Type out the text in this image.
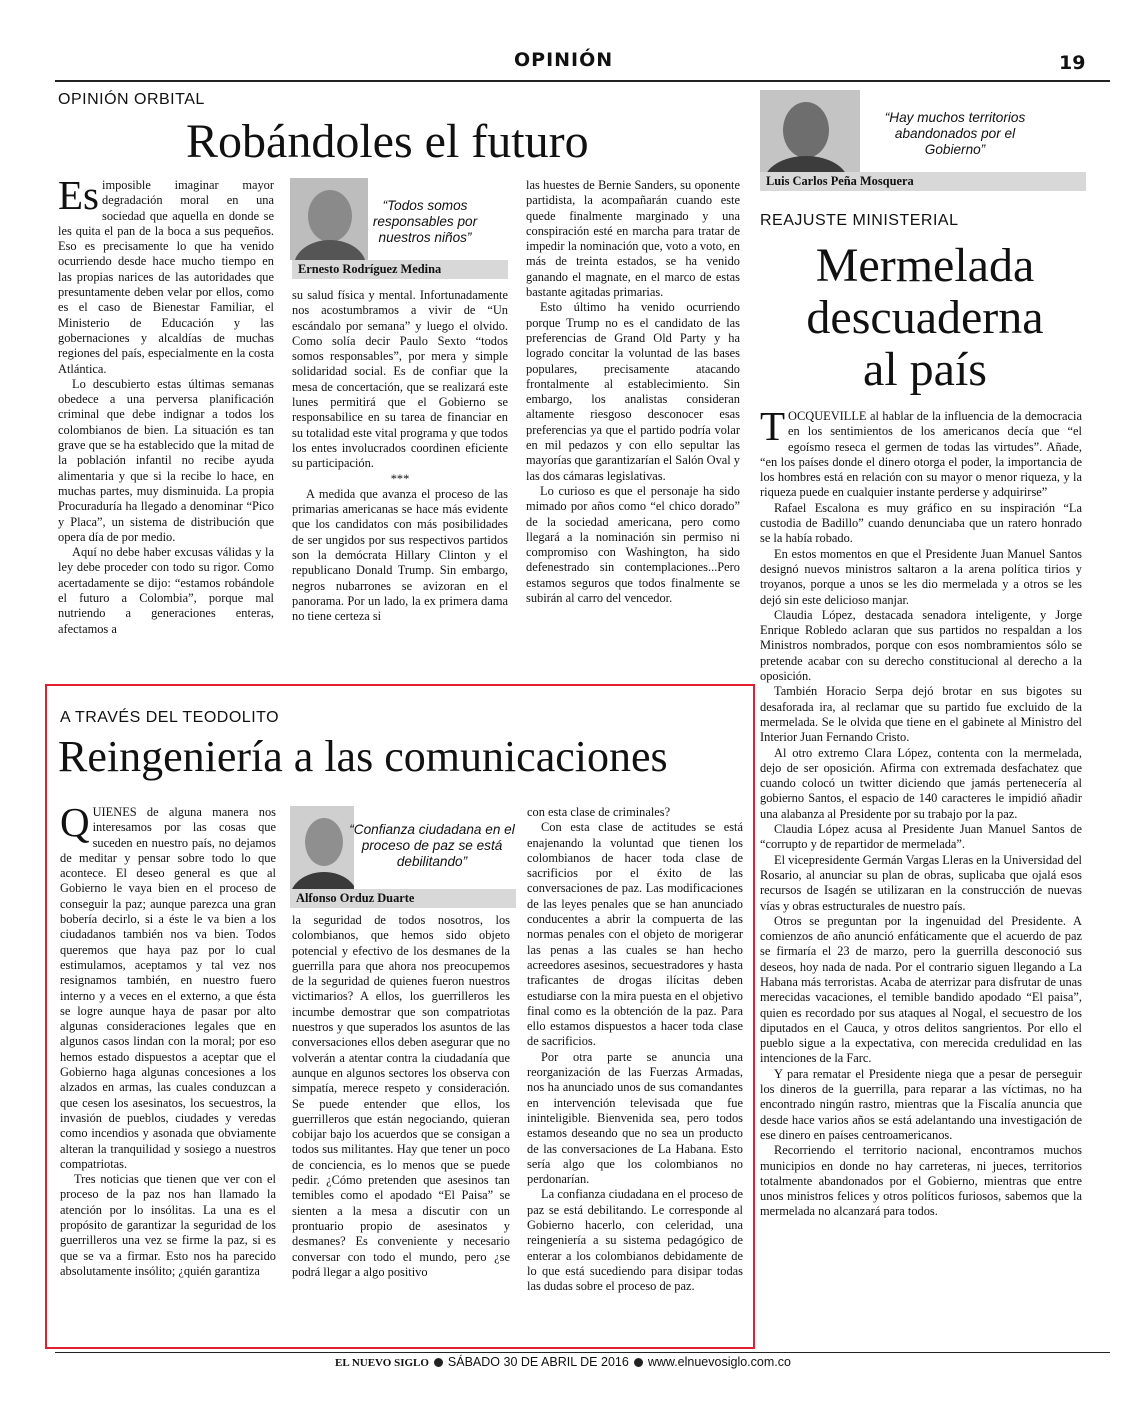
OPINIÓN	19
OPINIÓN ORBITAL
Robándoles el futuro

Es imposible imaginar mayor degradación moral en una sociedad que aquella en donde se les quita el pan de la boca a sus pequeños. Eso es precisamente lo que ha venido ocurriendo desde hace mucho tiempo en las propias narices de las autoridades que presuntamente deben velar por ellos, como es el caso de Bienestar Familiar, el Ministerio de Educación y las gobernaciones y alcaldías de muchas regiones del país, especialmente en la costa Atlántica.

Lo descubierto estas últimas semanas obedece a una perversa planificación criminal que debe indignar a todos los colombianos de bien. La situación es tan grave que se ha establecido que la mitad de la población infantil no recibe ayuda alimentaria y que si la recibe lo hace, en muchas partes, muy disminuida. La propia Procuraduría ha llegado a denominar “Pico y Placa”, un sistema de distribución que opera día de por medio.

Aquí no debe haber excusas válidas y la ley debe proceder con todo su rigor. Como acertadamente se dijo: “estamos robándole el futuro a Colombia”, porque mal nutriendo a generaciones enteras, afectamos a

“Todos somos responsables por nuestros niños”
Ernesto Rodríguez Medina

su salud física y mental. Infortunadamente nos acostumbramos a vivir de “Un escándalo por semana” y luego el olvido. Como solía decir Paulo Sexto “todos somos responsables”, por mera y simple solidaridad social. Es de confiar que la mesa de concertación, que se realizará este lunes permitirá que el Gobierno se responsabilice en su tarea de financiar en su totalidad este vital programa y que todos los entes involucrados coordinen eficiente su participación.

***

A medida que avanza el proceso de las primarias americanas se hace más evidente que los candidatos con más posibilidades de ser ungidos por sus respectivos partidos son la demócrata Hillary Clinton y el republicano Donald Trump. Sin embargo, negros nubarrones se avizoran en el panorama. Por un lado, la ex primera dama no tiene certeza si

las huestes de Bernie Sanders, su oponente partidista, la acompañarán cuando este quede finalmente marginado y una conspiración esté en marcha para tratar de impedir la nominación que, voto a voto, en más de treinta estados, se ha venido ganando el magnate, en el marco de estas bastante agitadas primarias.

Esto último ha venido ocurriendo porque Trump no es el candidato de las preferencias de Grand Old Party y ha logrado concitar la voluntad de las bases populares, precisamente atacando frontalmente al establecimiento. Sin embargo, los analistas consideran altamente riesgoso desconocer esas preferencias ya que el partido podría volar en mil pedazos y con ello sepultar las mayorías que garantizarían el Salón Oval y las dos cámaras legislativas.

Lo curioso es que el personaje ha sido mimado por años como “el chico dorado” de la sociedad americana, pero como llegará a la nominación sin permiso ni compromiso con Washington, ha sido defenestrado sin contemplaciones...Pero estamos seguros que todos finalmente se subirán al carro del vencedor.

“Hay muchos territorios abandonados por el Gobierno”
Luis Carlos Peña Mosquera
REAJUSTE MINISTERIAL
Mermelada
descuaderna
al país

TOCQUEVILLE al hablar de la influencia de la democracia en los sentimientos de los americanos decía que “el egoísmo reseca el germen de todas las virtudes”. Añade, “en los países donde el dinero otorga el poder, la importancia de los hombres está en relación con su mayor o menor riqueza, y la riqueza puede en cualquier instante perderse y adquirirse”

Rafael Escalona es muy gráfico en su inspiración “La custodia de Badillo” cuando denunciaba que un ratero honrado se la había robado.

En estos momentos en que el Presidente Juan Manuel Santos designó nuevos ministros saltaron a la arena política tirios y troyanos, porque a unos se les dio mermelada y a otros se les dejó sin este delicioso manjar.

Claudia López, destacada senadora inteligente, y Jorge Enrique Robledo aclaran que sus partidos no respaldan a los Ministros nombrados, porque con esos nombramientos sólo se pretende acabar con su derecho constitucional al derecho a la oposición.

También Horacio Serpa dejó brotar en sus bigotes su desaforada ira, al reclamar que su partido fue excluido de la mermelada. Se le olvida que tiene en el gabinete al Ministro del Interior Juan Fernando Cristo.

Al otro extremo Clara López, contenta con la mermelada, dejo de ser oposición. Afirma con extremada desfachatez que cuando colocó un twitter diciendo que jamás pertenecería al gobierno Santos, el espacio de 140 caracteres le impidió añadir una alabanza al Presidente por su trabajo por la paz.

Claudia López acusa al Presidente Juan Manuel Santos de “corrupto y de repartidor de mermelada”.

El vicepresidente Germán Vargas Lleras en la Universidad del Rosario, al anunciar su plan de obras, suplicaba que ojalá esos recursos de Isagén se utilizaran en la construcción de nuevas vías y obras estructurales de nuestro país.

Otros se preguntan por la ingenuidad del Presidente. A comienzos de año anunció enfáticamente que el acuerdo de paz se firmaría el 23 de marzo, pero la guerrilla desconoció sus deseos, hoy nada de nada. Por el contrario siguen llegando a La Habana más terroristas. Acaba de aterrizar para disfrutar de unas merecidas vacaciones, el temible bandido apodado “El paisa”, quien es recordado por sus ataques al Nogal, el secuestro de los diputados en el Cauca, y otros delitos sangrientos. Por ello el pueblo sigue a la expectativa, con merecida credulidad en las intenciones de la Farc.

Y para rematar el Presidente niega que a pesar de perseguir los dineros de la guerrilla, para reparar a las víctimas, no ha encontrado ningún rastro, mientras que la Fiscalía anuncia que desde hace varios años se está adelantando una investigación de ese dinero en países centroamericanos.

Recorriendo el territorio nacional, encontramos muchos municipios en donde no hay carreteras, ni jueces, territorios totalmente abandonados por el Gobierno, mientras que entre unos ministros felices y otros políticos furiosos, sabemos que la mermelada no alcanzará para todos.

A TRAVÉS DEL TEODOLITO
Reingeniería a las comunicaciones

QUIENES de alguna manera nos interesamos por las cosas que suceden en nuestro país, no dejamos de meditar y pensar sobre todo lo que acontece. El deseo general es que al Gobierno le vaya bien en el proceso de conseguir la paz; aunque parezca una gran bobería decirlo, si a éste le va bien a los ciudadanos también nos va bien. Todos queremos que haya paz por lo cual estimulamos, aceptamos y tal vez nos resignamos también, en nuestro fuero interno y a veces en el externo, a que ésta se logre aunque haya de pasar por alto algunas consideraciones legales que en algunos casos lindan con la moral; por eso hemos estado dispuestos a aceptar que el Gobierno haga algunas concesiones a los alzados en armas, las cuales conduzcan a que cesen los asesinatos, los secuestros, la invasión de pueblos, ciudades y veredas como incendios y asonada que obviamente alteran la tranquilidad y sosiego a nuestros compatriotas.

Tres noticias que tienen que ver con el proceso de la paz nos han llamado la atención por lo insólitas. La una es el propósito de garantizar la seguridad de los guerrilleros una vez se firme la paz, si es que se va a firmar. Esto nos ha parecido absolutamente insólito; ¿quién garantiza

“Confianza ciudadana en el proceso de paz se está debilitando”
Alfonso Orduz Duarte

la seguridad de todos nosotros, los colombianos, que hemos sido objeto potencial y efectivo de los desmanes de la guerrilla para que ahora nos preocupemos de la seguridad de quienes fueron nuestros victimarios? A ellos, los guerrilleros les incumbe demostrar que son compatriotas nuestros y que superados los asuntos de las conversaciones ellos deben asegurar que no volverán a atentar contra la ciudadanía que aunque en algunos sectores los observa con simpatía, merece respeto y consideración. Se puede entender que ellos, los guerrilleros que están negociando, quieran cobijar bajo los acuerdos que se consigan a todos sus militantes. Hay que tener un poco de conciencia, es lo menos que se puede pedir. ¿Cómo pretenden que asesinos tan temibles como el apodado “El Paisa” se sienten a la mesa a discutir con un prontuario propio de asesinatos y desmanes? Es conveniente y necesario conversar con todo el mundo, pero ¿se podrá llegar a algo positivo

con esta clase de criminales?

Con esta clase de actitudes se está enajenando la voluntad que tienen los colombianos de hacer toda clase de sacrificios por el éxito de las conversaciones de paz. Las modificaciones de las leyes penales que se han anunciado conducentes a abrir la compuerta de las normas penales con el objeto de morigerar las penas a las cuales se han hecho acreedores asesinos, secuestradores y hasta traficantes de drogas ilícitas deben estudiarse con la mira puesta en el objetivo final como es la obtención de la paz. Para ello estamos dispuestos a hacer toda clase de sacrificios.

Por otra parte se anuncia una reorganización de las Fuerzas Armadas, nos ha anunciado unos de sus comandantes en intervención televisada que fue ininteligible. Bienvenida sea, pero todos estamos deseando que no sea un producto de las conversaciones de La Habana. Esto sería algo que los colombianos no perdonarían.

La confianza ciudadana en el proceso de paz se está debilitando. Le corresponde al Gobierno hacerlo, con celeridad, una reingeniería a su sistema pedagógico de enterar a los colombianos debidamente de lo que está sucediendo para disipar todas las dudas sobre el proceso de paz.

EL NUEVO SIGLO SÁBADO 30 DE ABRIL DE 2016 www.elnuevosiglo.com.co
